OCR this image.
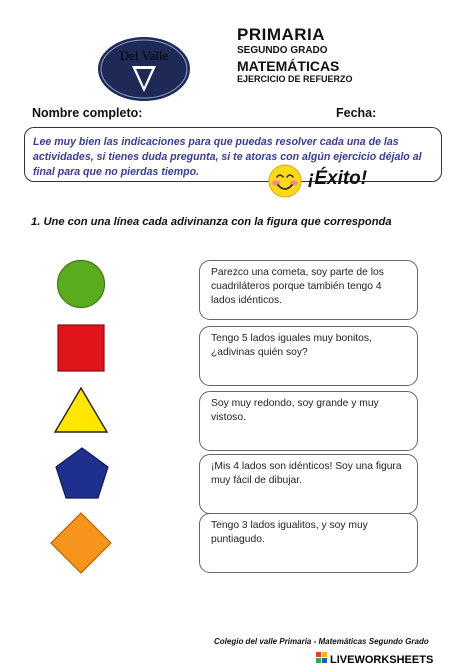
Del Valle
PRIMARIA
SEGUNDO GRADO
MATEMÁTICAS
EJERCICIO DE REFUERZO
Nombre completo:	Fecha:
Lee muy bien las indicaciones para que puedas resolver cada una de las actividades, si tienes duda pregunta, si te atoras con algún ejercicio déjalo al final para que no pierdas tiempo.	¡Éxito!
1. Une con una línea cada adivinanza con la figura que corresponda
Parezco una cometa, soy parte de los cuadriláteros porque también tengo 4 lados idénticos.
Tengo 5 lados iguales muy bonitos, ¿adivinas quién soy?
Soy muy redondo, soy grande y muy vistoso.
¡Mis 4 lados son idénticos! Soy una figura muy fácil de dibujar.
Tengo 3 lados igualitos, y soy muy puntiagudo.
Colegio del valle Primaria - Matemáticas Segundo Grado
LIVEWORKSHEETS
